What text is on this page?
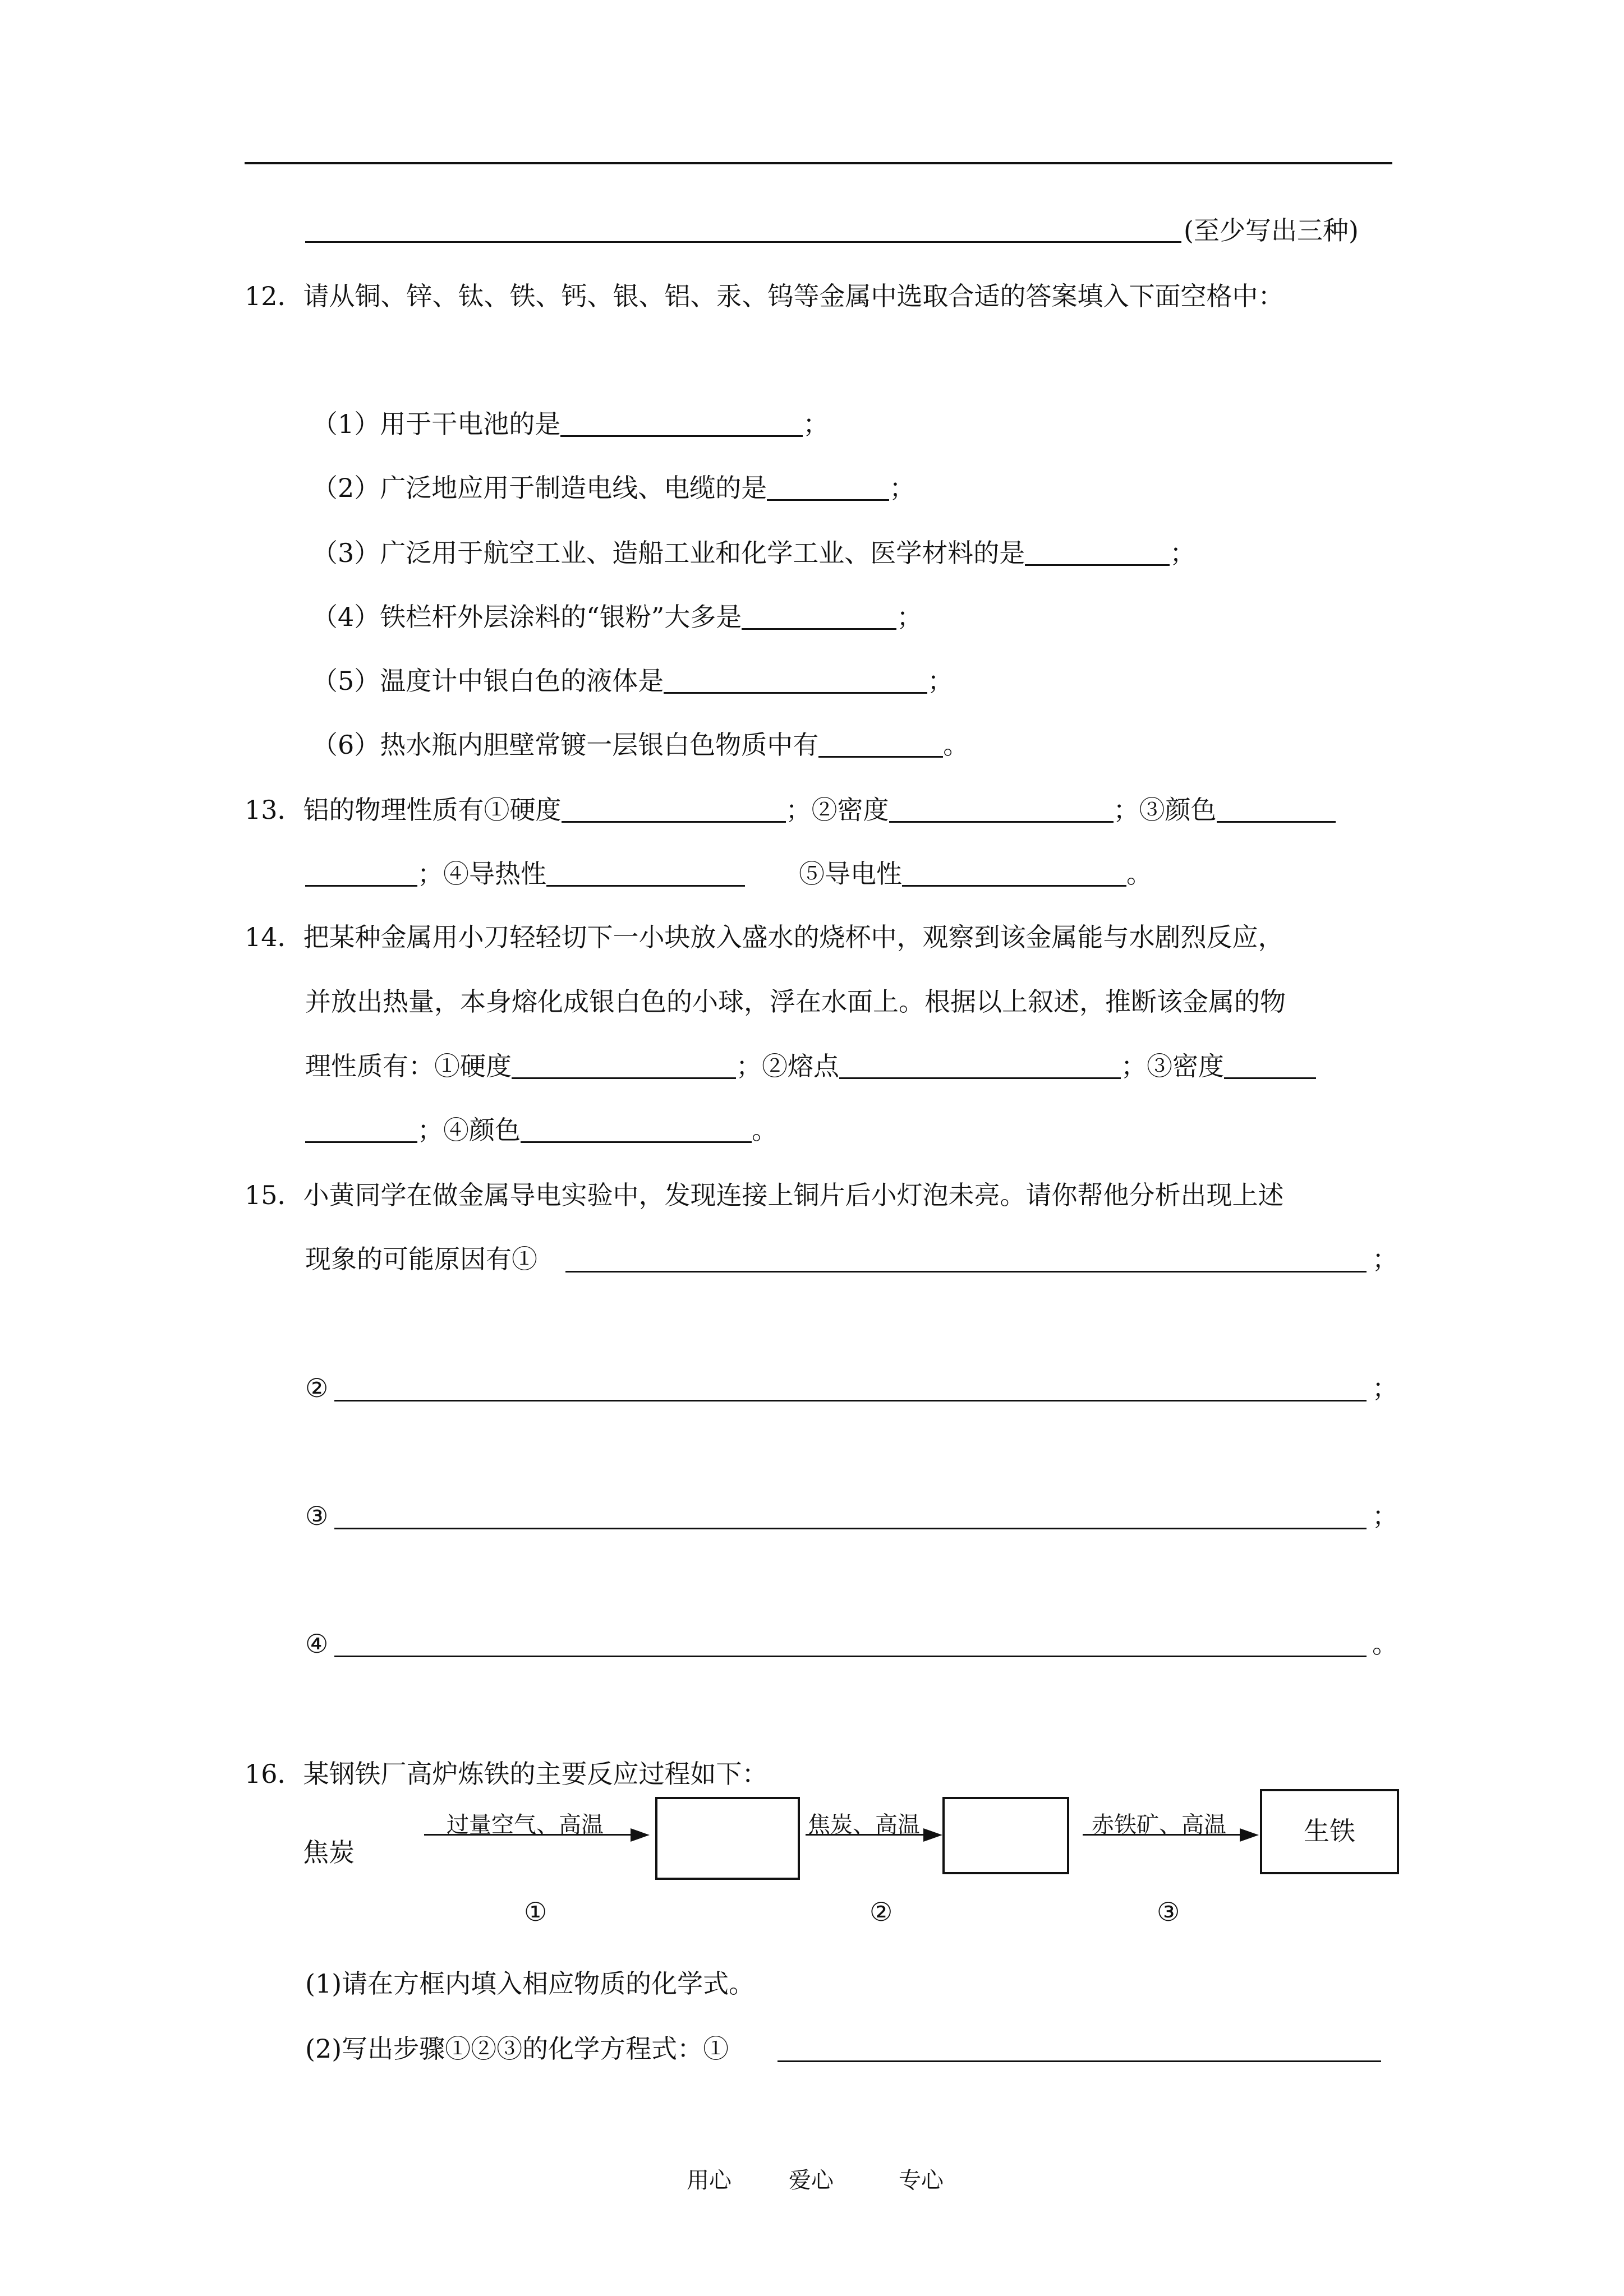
(至少写出三种)
12．请从铜、锌、钛、铁、钙、银、铝、汞、钨等金属中选取合适的答案填入下面空格中：
（1）用于干电池的是	；
（2）广泛地应用于制造电线、电缆的是	；
（3）广泛用于航空工业、造船工业和化学工业、医学材料的是	；
（4）铁栏杆外层涂料的“银粉”大多是	；
（5）温度计中银白色的液体是	；
（6）热水瓶内胆壁常镀一层银白色物质中有	。
13．铝的物理性质有①硬度	；②密度	；③颜色
；④导热性	⑤导电性	。
14．把某种金属用小刀轻轻切下一小块放入盛水的烧杯中，观察到该金属能与水剧烈反应，
并放出热量，本身熔化成银白色的小球，浮在水面上。根据以上叙述，推断该金属的物
理性质有：①硬度	；②熔点	；③密度
；④颜色	。
15．小黄同学在做金属导电实验中，发现连接上铜片后小灯泡未亮。请你帮他分析出现上述
现象的可能原因有①	；
②	；
③	；
④	。
16．某钢铁厂高炉炼铁的主要反应过程如下：
焦炭
过量空气、高温	焦炭、高温	赤铁矿、高温	生铁
①	②	③
(1)请在方框内填入相应物质的化学式。
(2)写出步骤①②③的化学方程式：①
用心	爱心	专心
